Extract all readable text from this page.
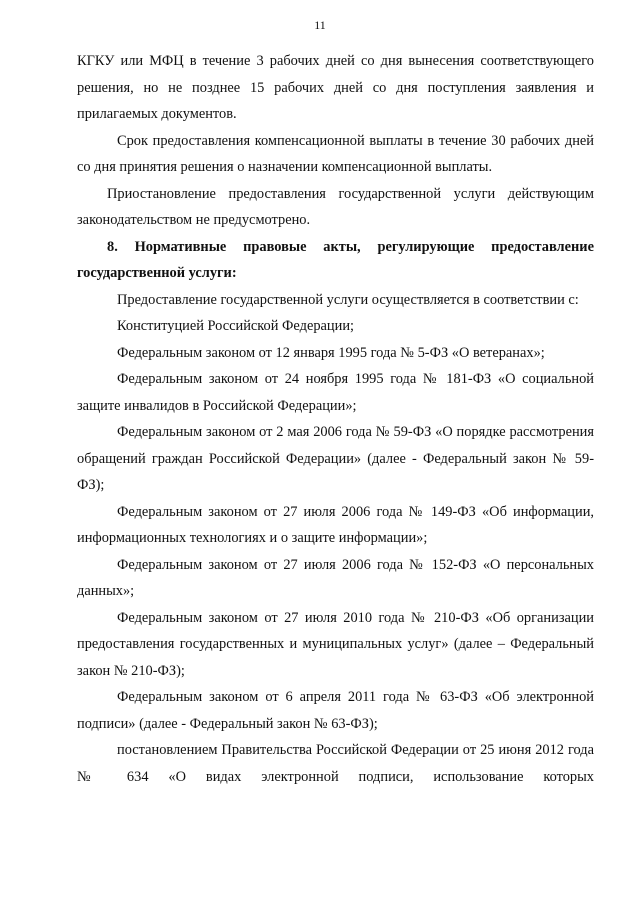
11

КГКУ или МФЦ в течение 3 рабочих дней со дня вынесения соответствующего решения, но не позднее 15 рабочих дней со дня поступления заявления и прилагаемых документов.

Срок предоставления компенсационной выплаты в течение 30 рабочих дней со дня принятия решения о назначении компенсационной выплаты.

Приостановление предоставления государственной услуги действующим законодательством не предусмотрено.

8. Нормативные правовые акты, регулирующие предоставление государственной услуги:

Предоставление государственной услуги осуществляется в соответствии с:

Конституцией Российской Федерации;

Федеральным законом от 12 января 1995 года № 5-ФЗ «О ветеранах»;

Федеральным законом от 24 ноября 1995 года № 181-ФЗ «О социальной защите инвалидов в Российской Федерации»;

Федеральным законом от 2 мая 2006 года № 59-ФЗ «О порядке рассмотрения обращений граждан Российской Федерации» (далее - Федеральный закон № 59-ФЗ);

Федеральным законом от 27 июля 2006 года № 149-ФЗ «Об информации, информационных технологиях и о защите информации»;

Федеральным законом от 27 июля 2006 года № 152-ФЗ «О персональных данных»;

Федеральным законом от 27 июля 2010 года № 210-ФЗ «Об организации предоставления государственных и муниципальных услуг» (далее – Федеральный закон № 210-ФЗ);

Федеральным законом от 6 апреля 2011 года № 63-ФЗ «Об электронной подписи» (далее - Федеральный закон № 63-ФЗ);

постановлением Правительства Российской Федерации от 25 июня 2012 года № 634 «О видах электронной подписи, использование которых
